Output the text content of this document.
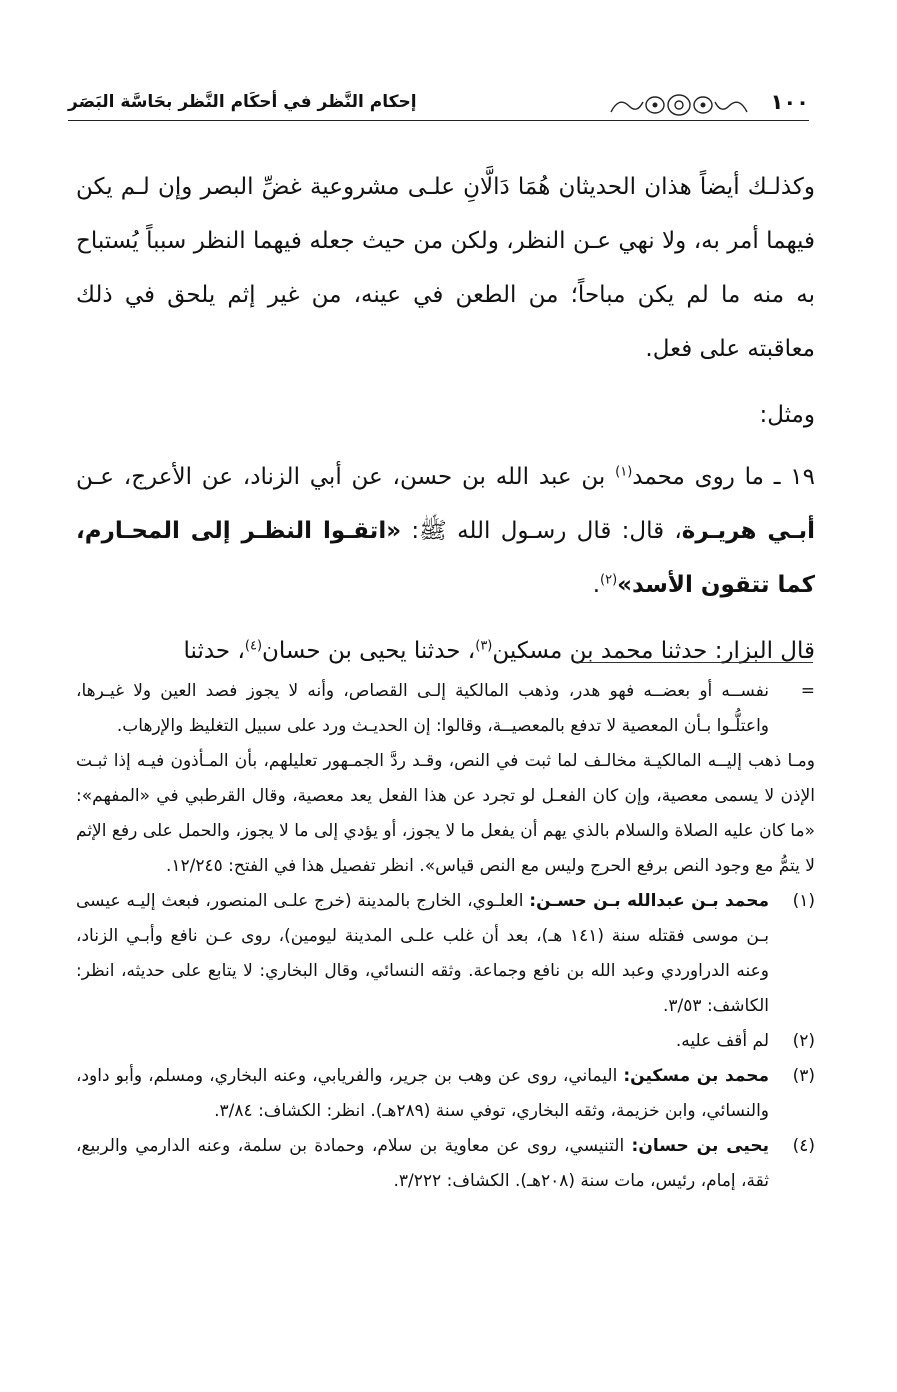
١٠٠
إحكام النَّظر في أحكَام النَّظر بحَاسَّة البَصَر

وكذلـك أيضاً هذان الحديثان هُمَا دَالَّانِ علـى مشروعية غضِّ البصر وإن لـم يكن فيهما أمر به، ولا نهي عـن النظر، ولكن من حيث جعله فيهما النظر سبباً يُستباح به منه ما لم يكن مباحاً؛ من الطعن في عينه، من غير إثم يلحق في ذلك معاقبته على فعل.

ومثل:

١٩ ـ ما روى محمد$^{(١)}$ بن عبد الله بن حسن، عن أبي الزناد، عن الأعرج، عـن أبـي هريـرة، قال: قال رسـول الله ﷺ: «اتقـوا النظـر إلى المحـارم، كما تتقون الأسد»$^{(٢)}$.

قال البزار: حدثنا محمد بن مسكين$^{(٣)}$، حدثنا يحيى بن حسان$^{(٤)}$، حدثنا

=
نفســه أو بعضــه فهو هدر، وذهب المالكية إلـى القصاص، وأنه لا يجوز فصد العين ولا غيـرها، واعتلُّـوا بـأن المعصية لا تدفع بالمعصيــة، وقالوا: إن الحديـث ورد على سبيل التغليظ والإرهاب.

ومـا ذهب إليــه المالكيـة مخالـف لما ثبت في النص، وقـد ردَّ الجمـهور تعليلهم، بأن المـأذون فيـه إذا ثبـت الإذن لا يسمى معصية، وإن كان الفعـل لو تجرد عن هذا الفعل يعد معصية، وقال القرطبي في «المفهم»: «ما كان عليه الصلاة والسلام بالذي يهم أن يفعل ما لا يجوز، أو يؤدي إلى ما لا يجوز، والحمل على رفع الإثم لا يتمُّ مع وجود النص برفع الحرج وليس مع النص قياس». انظر تفصيل هذا في الفتح: ١٢/٢٤٥.

(١)
محمد بـن عبدالله بـن حسـن: العلـوي، الخارج بالمدينة (خرج علـى المنصور، فبعث إليـه عيسى بـن موسى فقتله سنة (١٤١ هـ)، بعد أن غلب علـى المدينة ليومين)، روى عـن نافع وأبـي الزناد، وعنه الدراوردي وعبد الله بن نافع وجماعة. وثقه النسائي، وقال البخاري: لا يتابع على حديثه، انظر: الكاشف: ٣/٥٣.

(٢)
لم أقف عليه.

(٣)
محمد بن مسكين: اليماني، روى عن وهب بن جرير، والفريابي، وعنه البخاري، ومسلم، وأبو داود، والنسائي، وابن خزيمة، وثقه البخاري، توفي سنة (٢٨٩هـ). انظر: الكشاف: ٣/٨٤.

(٤)
يحيى بن حسان: التنيسي، روى عن معاوية بن سلام، وحمادة بن سلمة، وعنه الدارمي والربيع، ثقة، إمام، رئيس، مات سنة (٢٠٨هـ). الكشاف: ٣/٢٢٢.
